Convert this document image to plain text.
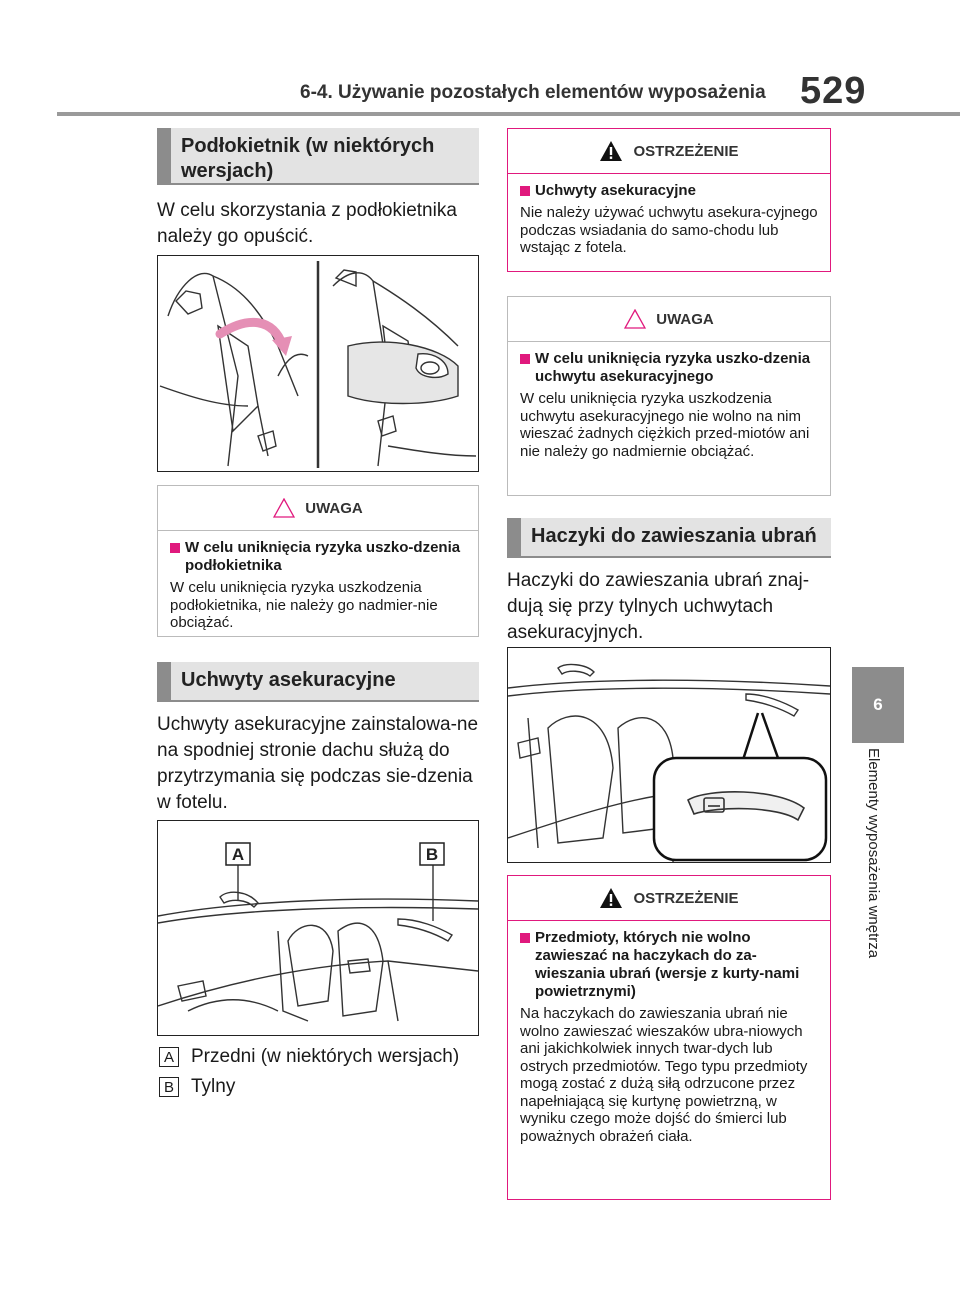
6-4. Używanie pozostałych elementów wyposażenia 529
6
Elementy wyposażenia wnętrza
Podłokietnik (w niektórych wersjach)
W celu skorzystania z podłokietnika należy go opuścić.
UWAGA
W celu uniknięcia ryzyka uszko-dzenia podłokietnika
W celu uniknięcia ryzyka uszkodzenia podłokietnika, nie należy go nadmier-nie obciążać.
Uchwyty asekuracyjne
Uchwyty asekuracyjne zainstalowa-ne na spodniej stronie dachu służą do przytrzymania się podczas sie-dzenia w fotelu.
A	B
A Przedni (w niektórych wersjach)
B Tylny
OSTRZEŻENIE
Uchwyty asekuracyjne
Nie należy używać uchwytu asekura-cyjnego podczas wsiadania do samo-chodu lub wstając z fotela.
UWAGA
W celu uniknięcia ryzyka uszko-dzenia uchwytu asekuracyjnego
W celu uniknięcia ryzyka uszkodzenia uchwytu asekuracyjnego nie wolno na nim wieszać żadnych ciężkich przed-miotów ani nie należy go nadmiernie obciążać.
Haczyki do zawieszania ubrań
Haczyki do zawieszania ubrań znaj-dują się przy tylnych uchwytach asekuracyjnych.
OSTRZEŻENIE
Przedmioty, których nie wolno zawieszać na haczykach do za-wieszania ubrań (wersje z kurty-nami powietrznymi)
Na haczykach do zawieszania ubrań nie wolno zawieszać wieszaków ubra-niowych ani jakichkolwiek innych twar-dych lub ostrych przedmiotów. Tego typu przedmioty mogą zostać z dużą siłą odrzucone przez napełniającą się kurtynę powietrzną, w wyniku czego może dojść do śmierci lub poważnych obrażeń ciała.
